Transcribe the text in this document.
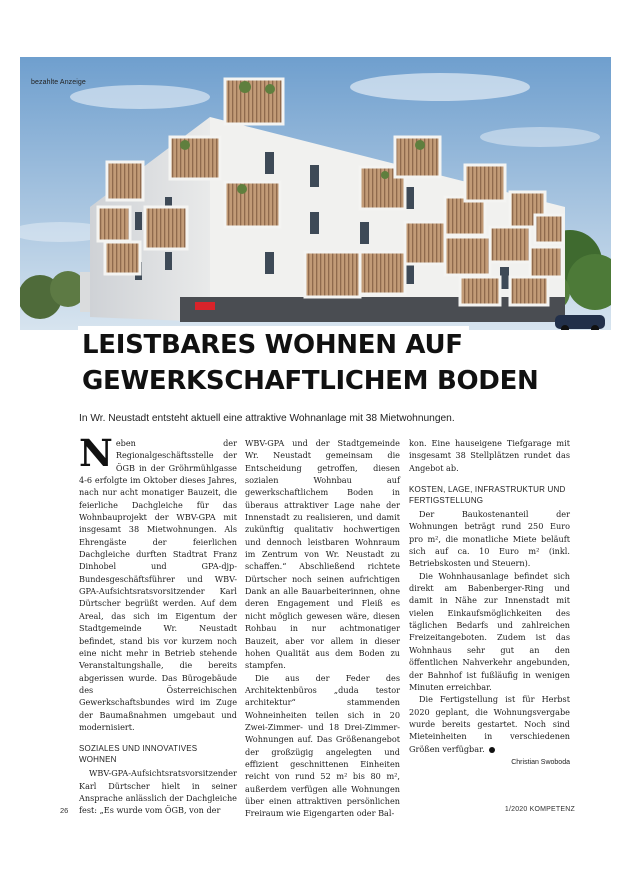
bezahlte Anzeige
LEISTBARES WOHNEN AUF
GEWERKSCHAFTLICHEM BODEN
In Wr. Neustadt entsteht aktuell eine attraktive Wohnanlage mit 38 Mietwohnungen.

Neben der Regionalgeschäftsstelle der ÖGB in der Gröhrmühlgasse 4-6 erfolgte im Oktober dieses Jahres, nach nur acht monatiger Bauzeit, die feierliche Dachgleiche für das Wohnbauprojekt der WBV-GPA mit insgesamt 38 Mietwohnungen. Als Ehrengäste der feierlichen Dachgleiche durften Stadtrat Franz Dinhobel und GPA-djp-Bundesgeschäftsführer und WBV-GPA-Aufsichtsratsvorsitzender Karl Dürtscher begrüßt werden. Auf dem Areal, das sich im Eigentum der Stadtgemeinde Wr. Neustadt befindet, stand bis vor kurzem noch eine nicht mehr in Betrieb stehende Veranstaltungshalle, die bereits abgerissen wurde. Das Bürogebäude des Österreichischen Gewerkschaftsbundes wird im Zuge der Baumaßnahmen umgebaut und modernisiert.

SOZIALES UND INNOVATIVES WOHNEN

WBV-GPA-Aufsichtsratsvorsitzender Karl Dürtscher hielt in seiner Ansprache anlässlich der Dachgleiche fest: „Es wurde vom ÖGB, von der

WBV-GPA und der Stadtgemeinde Wr. Neustadt gemeinsam die Entscheidung getroffen, diesen sozialen Wohnbau auf gewerkschaftlichem Boden in überaus attraktiver Lage nahe der Innenstadt zu realisieren, und damit zukünftig qualitativ hochwertigen und dennoch leistbaren Wohnraum im Zentrum von Wr. Neustadt zu schaffen.“ Abschließend richtete Dürtscher noch seinen aufrichtigen Dank an alle Bauarbeiterinnen, ohne deren Engagement und Fleiß es nicht möglich gewesen wäre, diesen Rohbau in nur achtmonatiger Bauzeit, aber vor allem in dieser hohen Qualität aus dem Boden zu stampfen.

Die aus der Feder des Architektenbüros „duda testor architektur“ stammenden Wohneinheiten teilen sich in 20 Zwei-Zimmer- und 18 Drei-Zimmer-Wohnungen auf. Das Größenangebot der großzügig angelegten und effizient geschnittenen Einheiten reicht von rund 52 m² bis 80 m², außerdem verfügen alle Wohnungen über einen attraktiven persönlichen Freiraum wie Eigengarten oder Bal-

kon. Eine hauseigene Tiefgarage mit insgesamt 38 Stellplätzen rundet das Angebot ab.

KOSTEN, LAGE, INFRASTRUKTUR UND FERTIGSTELLUNG

Der Baukostenanteil der Wohnungen beträgt rund 250 Euro pro m², die monatliche Miete beläuft sich auf ca. 10 Euro m² (inkl. Betriebskosten und Steuern).

Die Wohnhausanlage befindet sich direkt am Babenberger-Ring und damit in Nähe zur Innenstadt mit vielen Einkaufsmöglichkeiten des täglichen Bedarfs und zahlreichen Freizeitangeboten. Zudem ist das Wohnhaus sehr gut an den öffentlichen Nahverkehr angebunden, der Bahnhof ist fußläufig in wenigen Minuten erreichbar.

Die Fertigstellung ist für Herbst 2020 geplant, die Wohnungsvergabe wurde bereits gestartet. Noch sind Mieteinheiten in verschiedenen Größen verfügbar.

Christian Swoboda
26	1/2020 KOMPETENZ
